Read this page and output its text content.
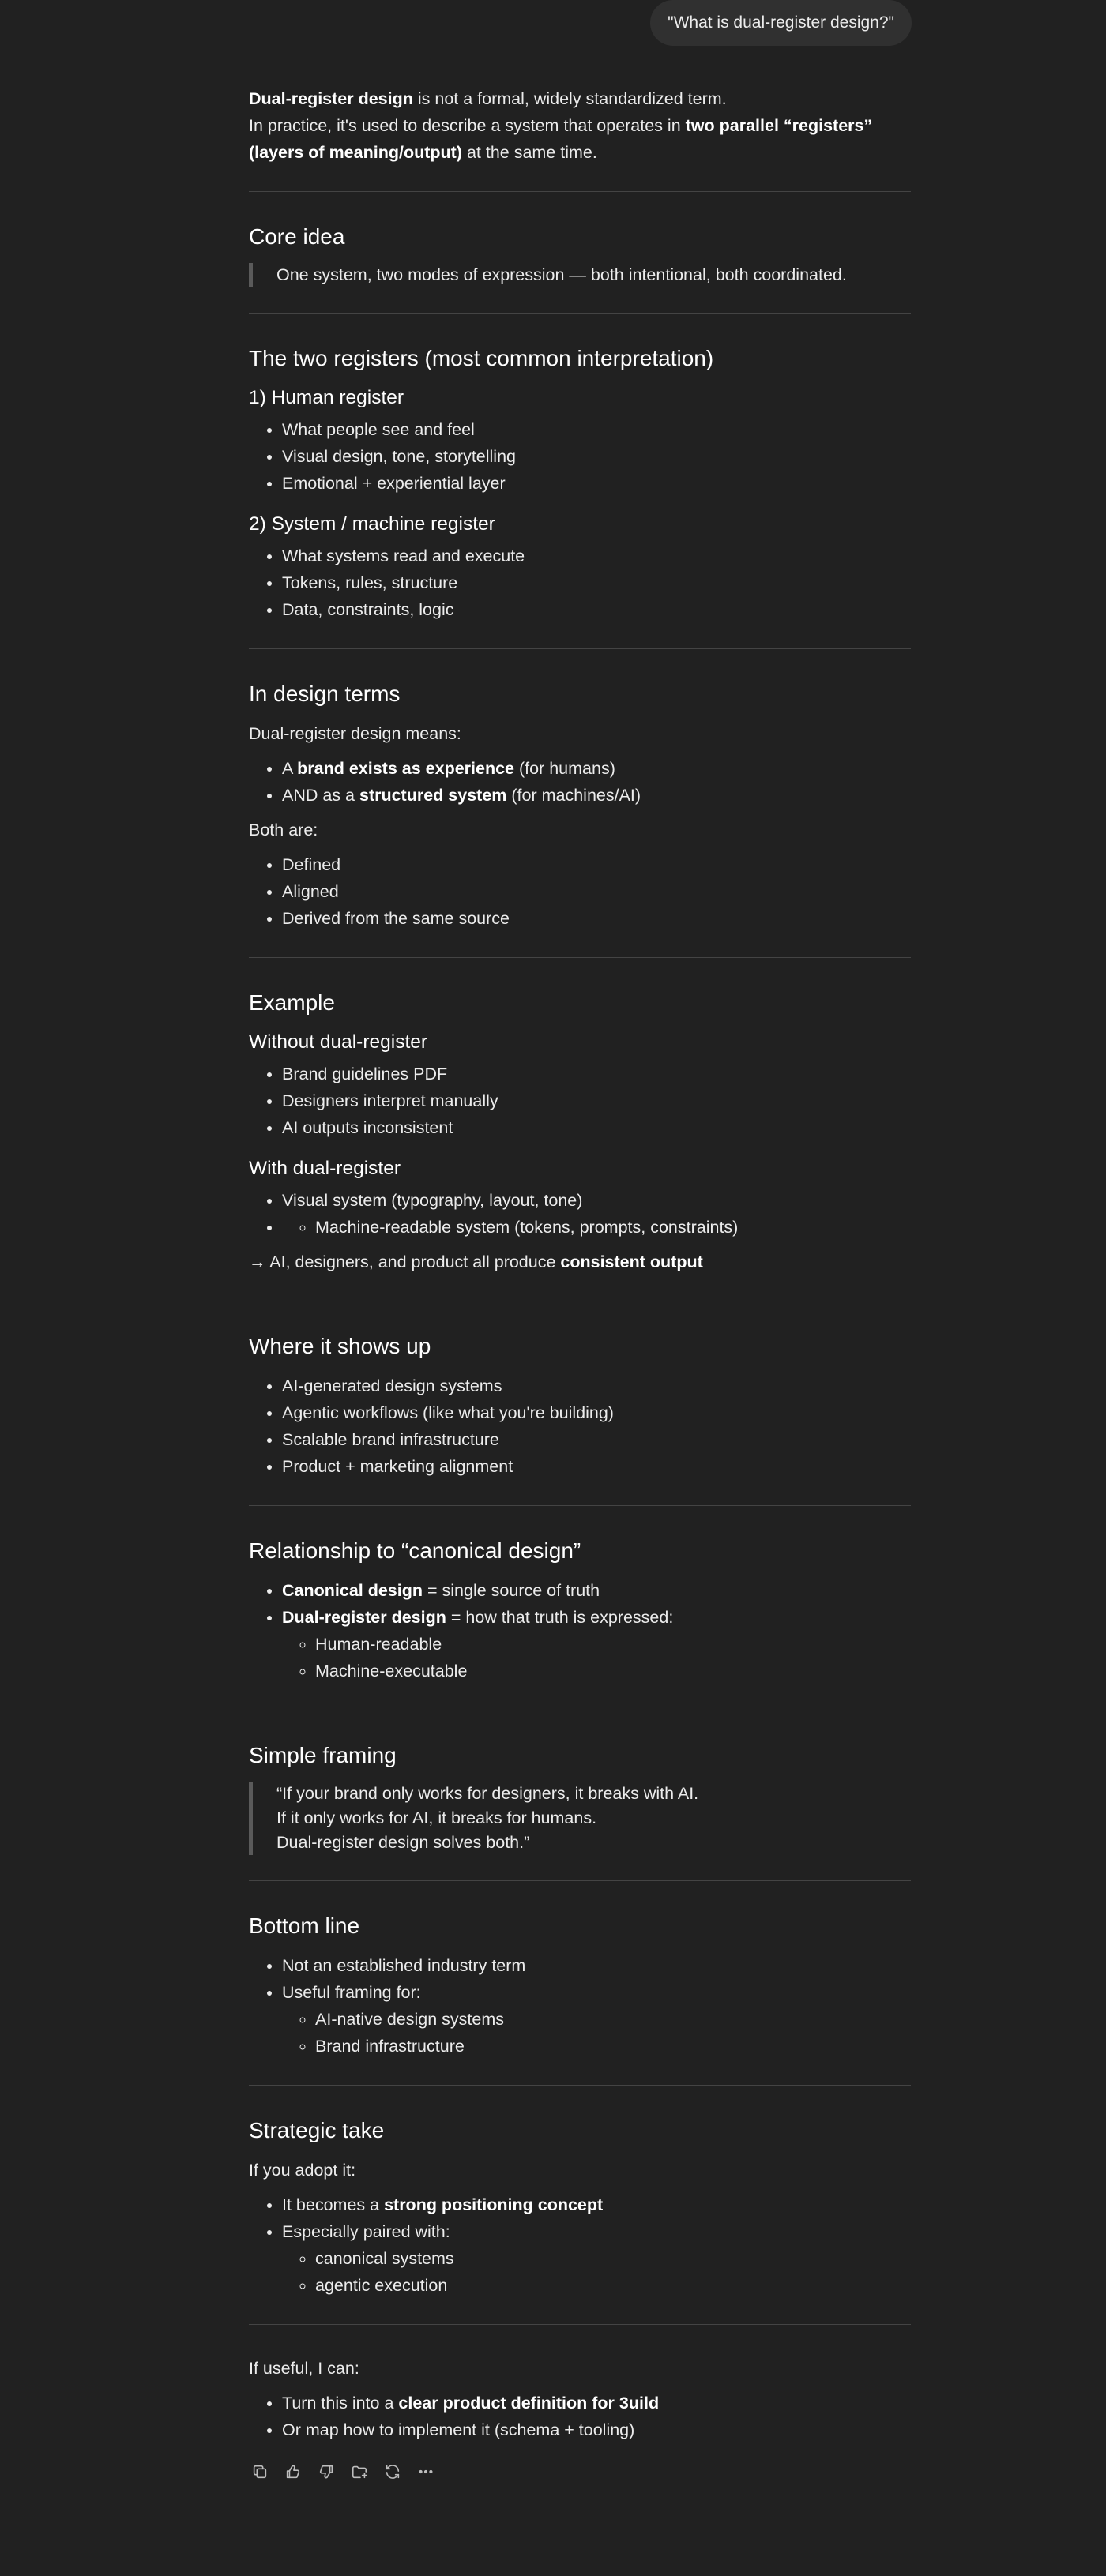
"What is dual-register design?"

Dual-register design is not a formal, widely standardized term.
In practice, it's used to describe a system that operates in two parallel “registers” (layers of meaning/output) at the same time.

Core idea
One system, two modes of expression — both intentional, both coordinated.
The two registers (most common interpretation)
1) Human register
• What people see and feel
• Visual design, tone, storytelling
• Emotional + experiential layer
2) System / machine register
• What systems read and execute
• Tokens, rules, structure
• Data, constraints, logic
In design terms

Dual-register design means:

• A brand exists as experience (for humans)
• AND as a structured system (for machines/AI)

Both are:

• Defined
• Aligned
• Derived from the same source
Example
Without dual-register
• Brand guidelines PDF
• Designers interpret manually
• AI outputs inconsistent
With dual-register
• Visual system (typography, layout, tone)
◦ • Machine-readable system (tokens, prompts, constraints)

→ AI, designers, and product all produce consistent output

Where it shows up
• AI-generated design systems
• Agentic workflows (like what you're building)
• Scalable brand infrastructure
• Product + marketing alignment
Relationship to “canonical design”
• Canonical design = single source of truth
• Dual-register design = how that truth is expressed:
◦ Human-readable
◦ Machine-executable
Simple framing
“If your brand only works for designers, it breaks with AI.
If it only works for AI, it breaks for humans.
Dual-register design solves both.”
Bottom line
• Not an established industry term
• Useful framing for:
◦ AI-native design systems
◦ Brand infrastructure
Strategic take

If you adopt it:

• It becomes a strong positioning concept
• Especially paired with:
◦ canonical systems
◦ agentic execution

If useful, I can:

• Turn this into a clear product definition for 3uild
• Or map how to implement it (schema + tooling)
